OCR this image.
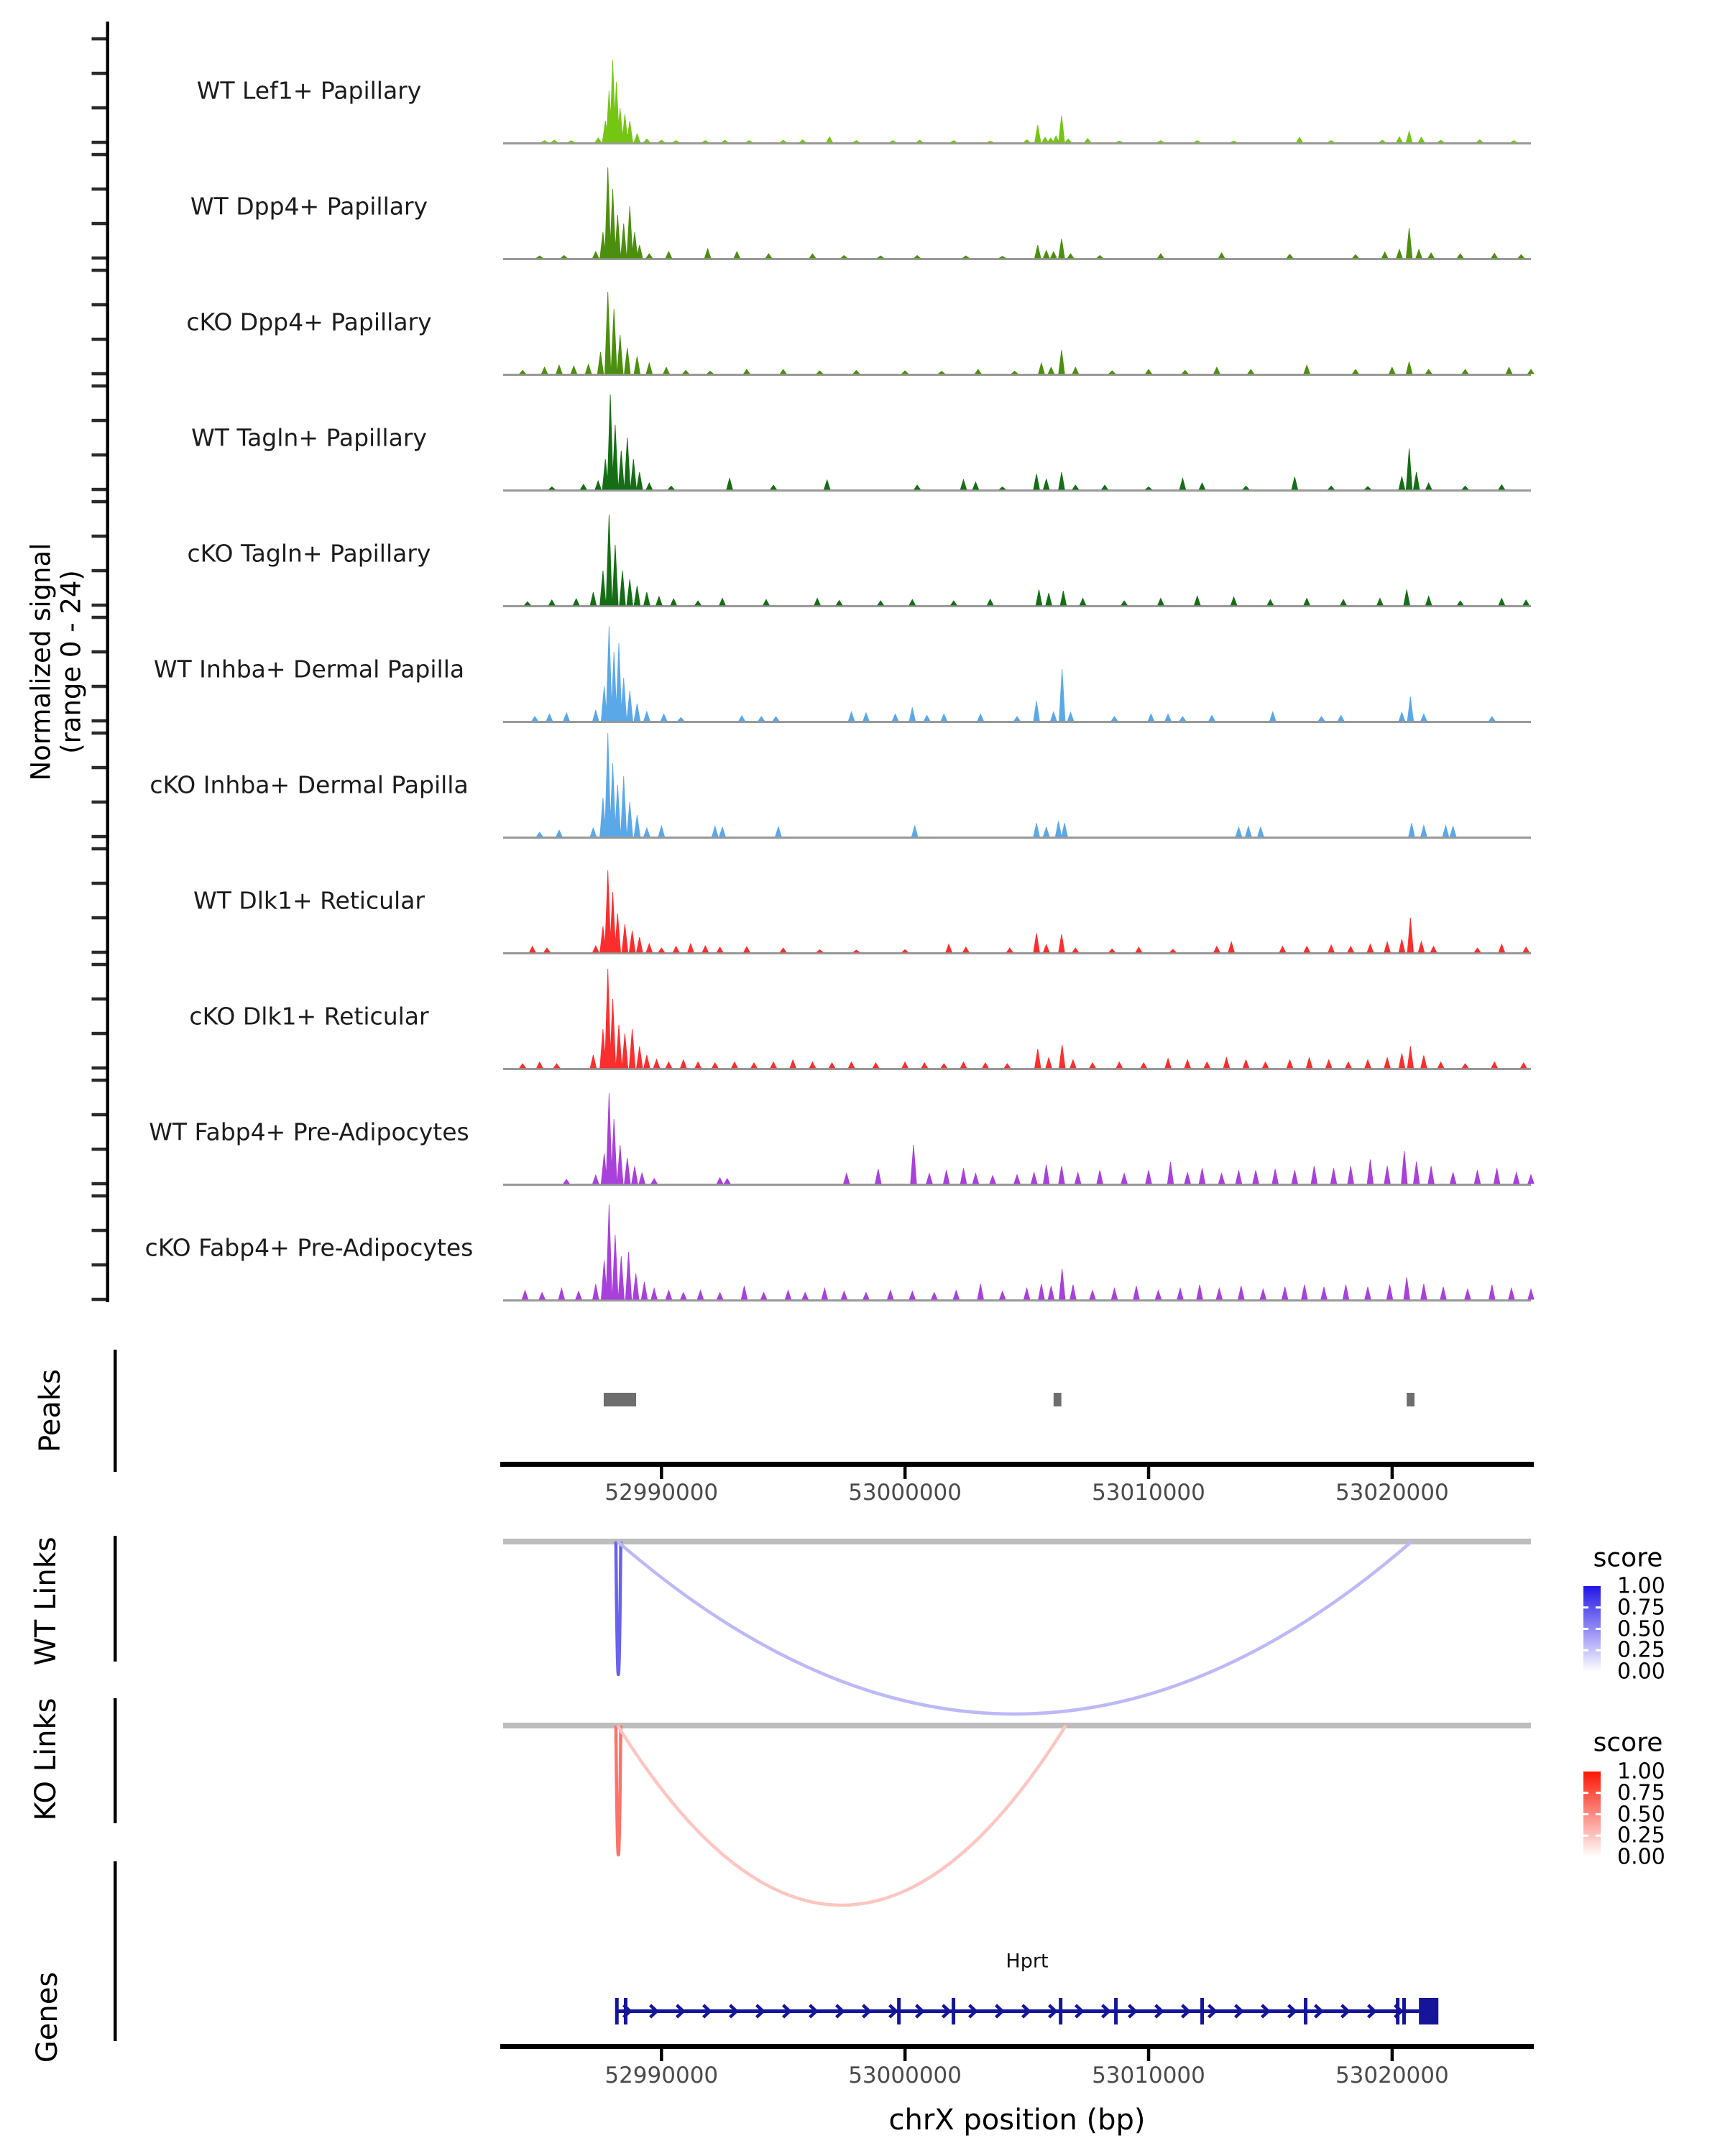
Normalized signal (range 0 - 24)
Peaks
WT Links
KO Links
Genes
score
score
Hprt
chrX position (bp)
WT Lef1+ Papillary
WT Dpp4+ Papillary
cKO Dpp4+ Papillary
WT Tagln+ Papillary
cKO Tagln+ Papillary
WT Inhba+ Dermal Papilla
cKO Inhba+ Dermal Papilla
WT Dlk1+ Reticular
cKO Dlk1+ Reticular
WT Fabp4+ Pre-Adipocytes
cKO Fabp4+ Pre-Adipocytes
52990000	53000000	53010000	53020000
1.00
0.75
0.50
0.25
0.00
1.00
0.75
0.50
0.25
0.00
52990000	53000000	53010000	53020000
